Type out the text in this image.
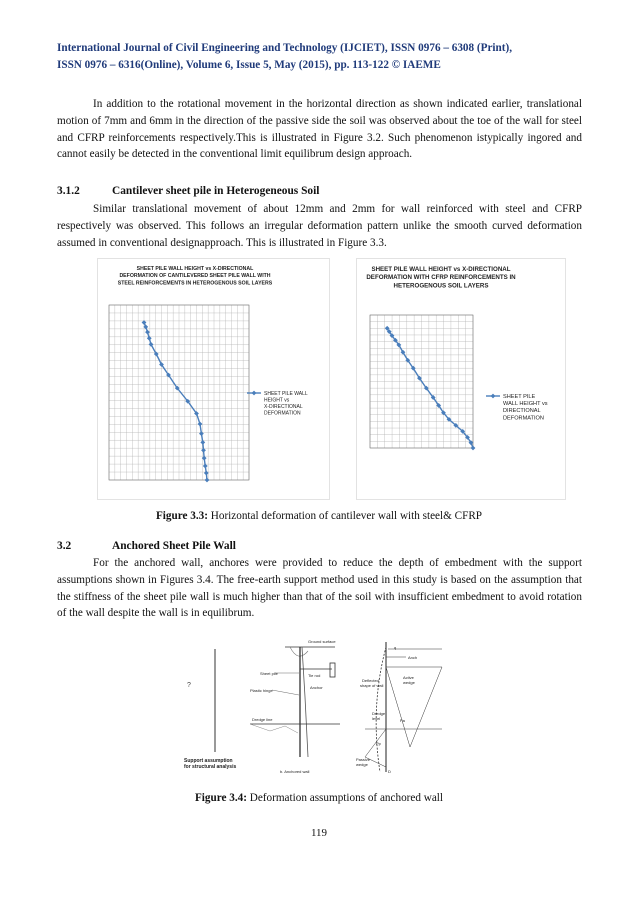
International Journal of Civil Engineering and Technology (IJCIET), ISSN 0976 – 6308 (Print),
ISSN 0976 – 6316(Online), Volume 6, Issue 5, May (2015), pp. 113-122 © IAEME

In addition to the rotational movement in the horizontal direction as shown indicated earlier, translational motion of 7mm and 6mm in the direction of the passive side the soil was observed about the toe of the wall for steel and CFRP reinforcements respectively.This is illustrated in Figure 3.2. Such phenomenon istypically ingored and cannot easily be detected in the conventional limit equilibrum design approach.

3.1.2	Cantilever sheet pile in Heterogeneous Soil

Similar translational movement of about 12mm and 2mm for wall reinforced with steel and CFRP respectively was observed. This follows an irregular deformation pattern unlike the smooth curved deformation assumed in conventional designapproach. This is illustrated in Figure 3.3.

SHEET PILE WALL HEIGHT vs X-DIRECTIONAL DEFORMATION OF CANTILEVERED SHEET PILE WALL WITH STEEL REINFORCEMENTS IN HETEROGENOUS SOIL LAYERS
SHEET PILE WALL HEIGHT vs X-DIRECTIONAL DEFORMATION
SHEET PILE WALL HEIGHT vs X-DIRECTIONAL DEFORMATION WITH CFRP REINFORCEMENTS IN HETEROGENOUS SOIL LAYERS
SHEET PILE WALL HEIGHT vs DIRECTIONAL DEFORMATION
Figure 3.3: Horizontal deformation of cantilever wall with steel& CFRP
3.2	Anchored Sheet Pile Wall

For the anchored wall, anchores were provided to reduce the depth of embedment with the support assumptions shown in Figures 3.4. The free-earth support method used in this study is based on the assumption that the stiffness of the sheet pile wall is much higher than that of the soil with insufficient embedment to avoid rotation of the wall despite the wall is in equilibrum.

?
Support assumption
for structural analysis
Ground surface
Sheet pile	Tie rod
Plastic hinge
Anchor
Dredge line
b. Anchored wall
Anch
q
Deflected
shape of wall
Active
wedge
Pa
Dredge
level
Pp
Passive
wedge
D
Figure 3.4: Deformation assumptions of anchored wall
119
